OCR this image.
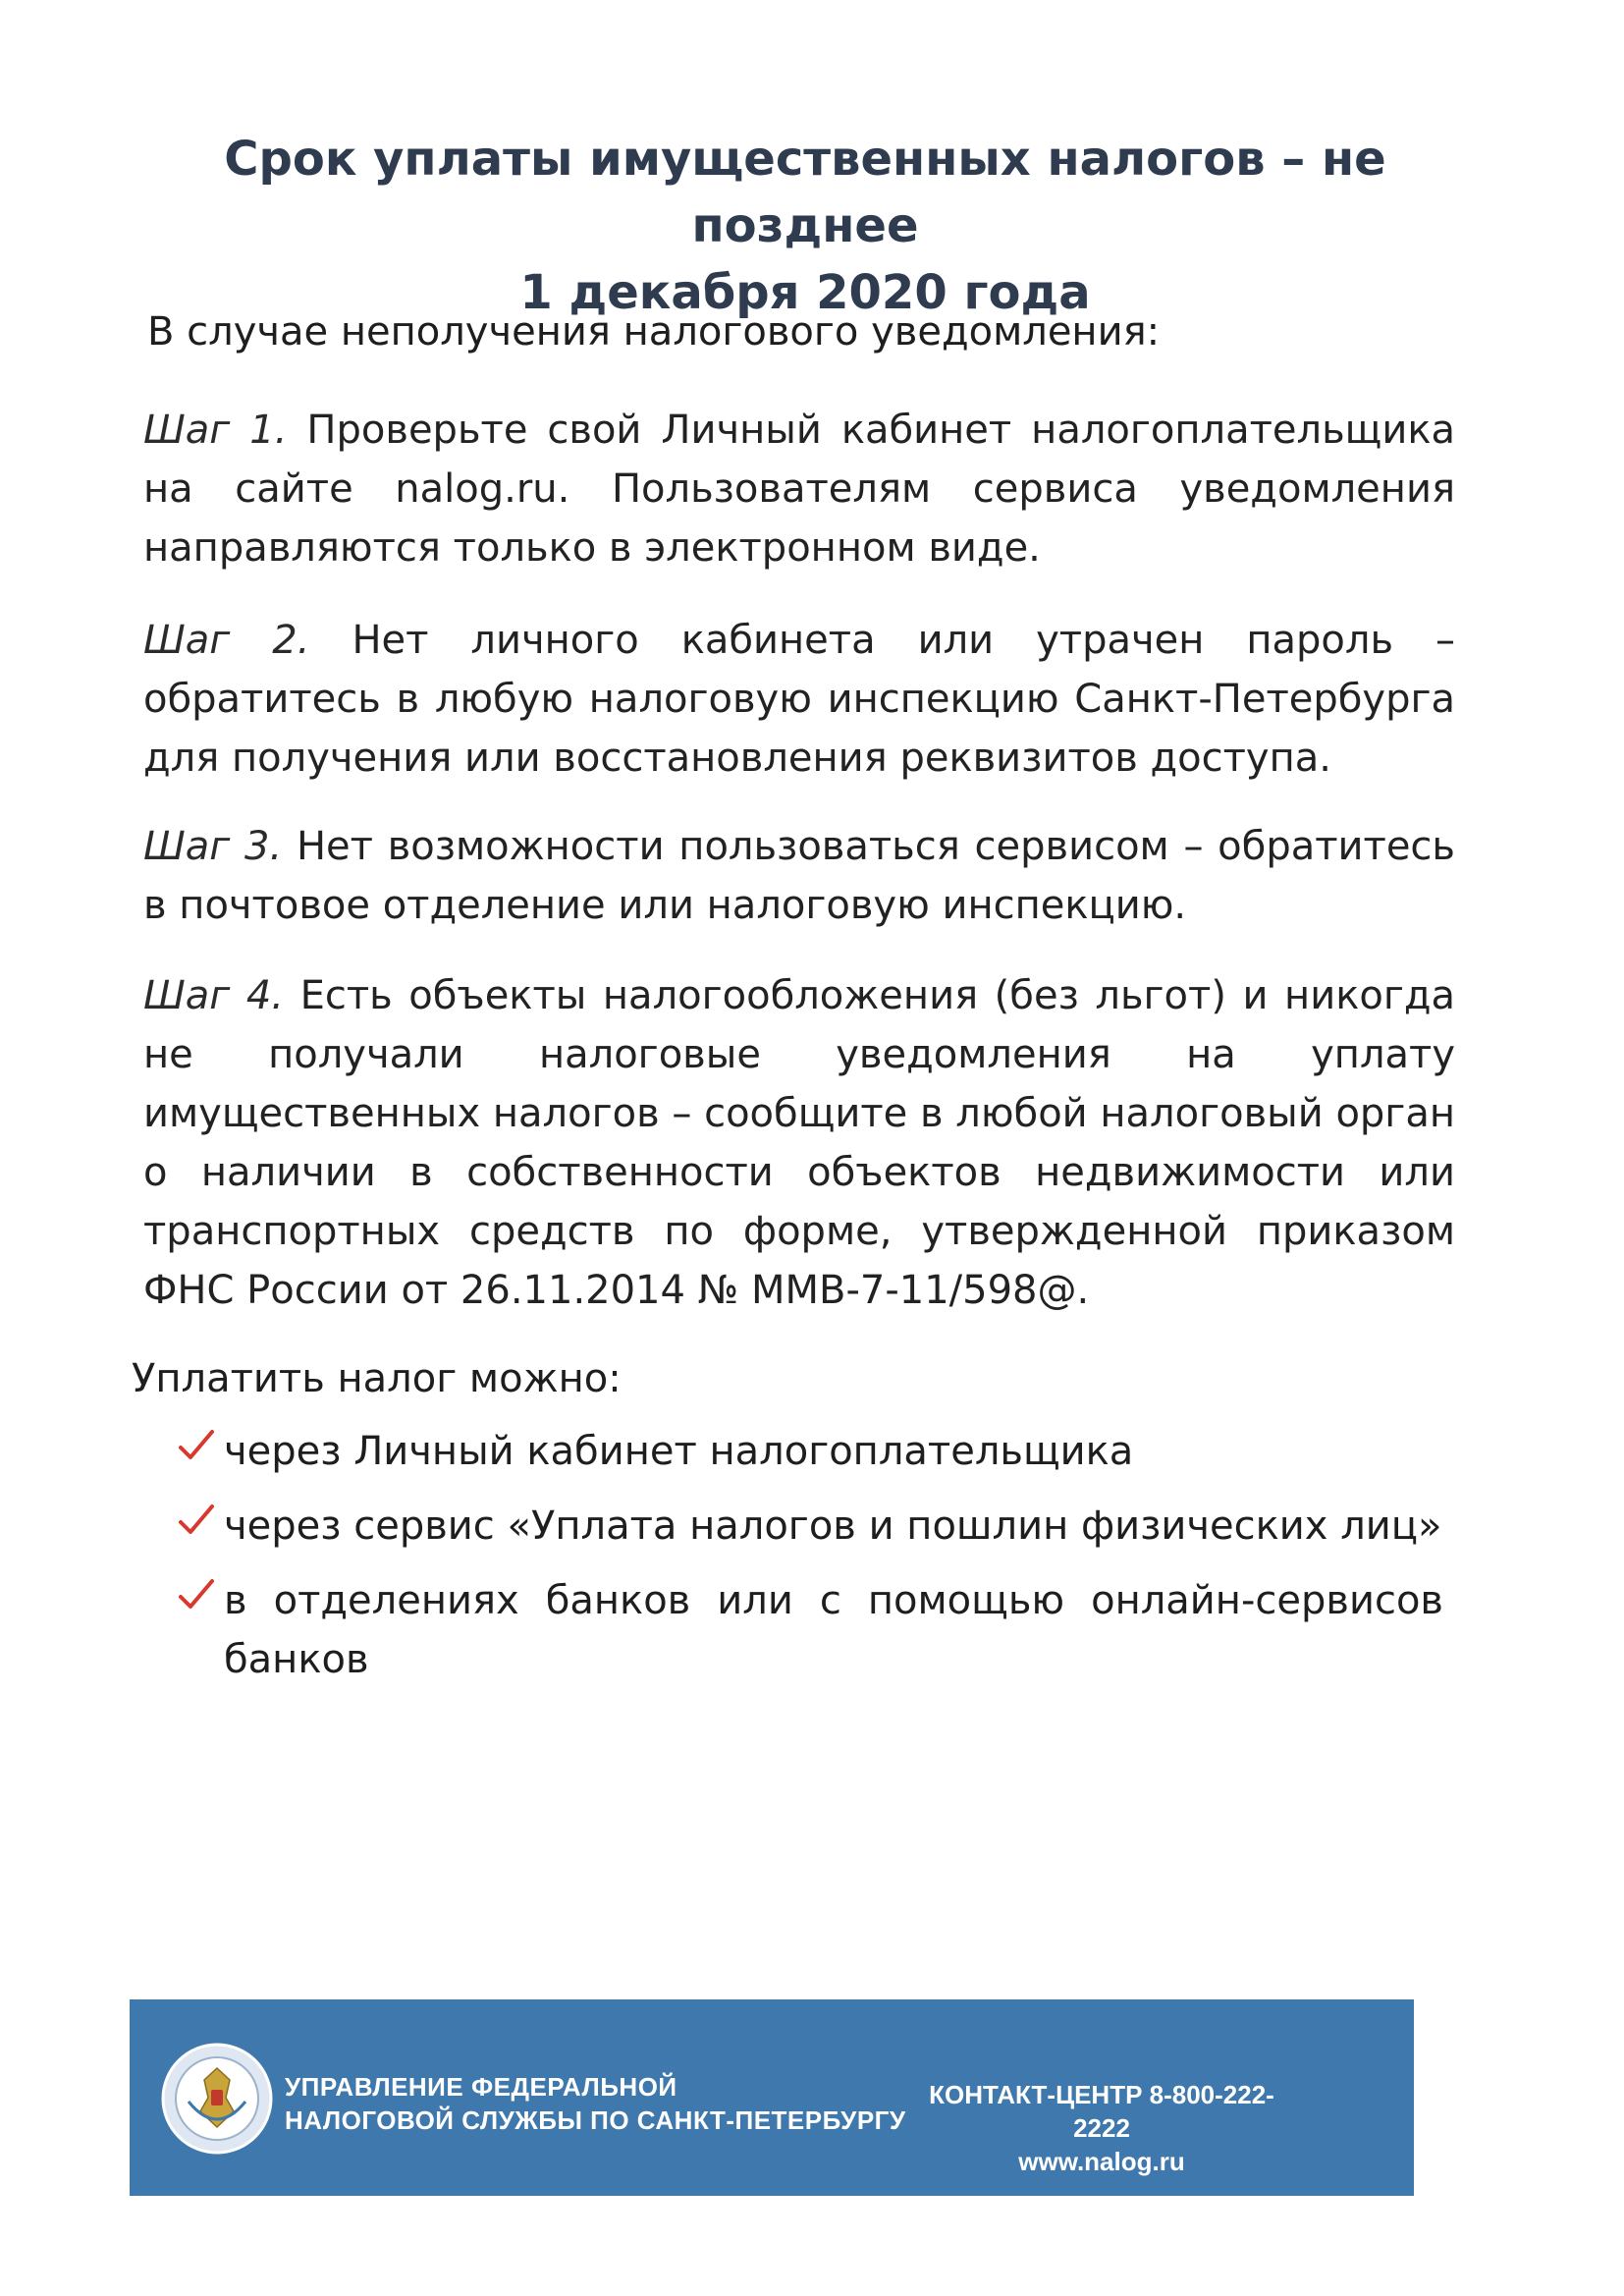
Срок уплаты имущественных налогов – не позднее
1 декабря 2020 года
В случае неполучения налогового уведомления:
Шаг 1. Проверьте свой Личный кабинет налогоплательщика на сайте nalog.ru. Пользователям сервиса уведомления направляются только в электронном виде.
Шаг 2. Нет личного кабинета или утрачен пароль – обратитесь в любую налоговую инспекцию Санкт-Петербурга для получения или восстановления реквизитов доступа.
Шаг 3. Нет возможности пользоваться сервисом – обратитесь в почтовое отделение или налоговую инспекцию.
Шаг 4. Есть объекты налогообложения (без льгот) и никогда не получали налоговые уведомления на уплату имущественных налогов – сообщите в любой налоговый орган о наличии в собственности объектов недвижимости или транспортных средств по форме, утвержденной приказом ФНС России от 26.11.2014 № ММВ-7-11/598@.
Уплатить налог можно:
через Личный кабинет налогоплательщика
через сервис «Уплата налогов и пошлин физических лиц»
в отделениях банков или с помощью онлайн-сервисов банков
УПРАВЛЕНИЕ ФЕДЕРАЛЬНОЙ
НАЛОГОВОЙ СЛУЖБЫ ПО САНКТ-ПЕТЕРБУРГУ
КОНТАКТ-ЦЕНТР 8-800-222-2222
www.nalog.ru
